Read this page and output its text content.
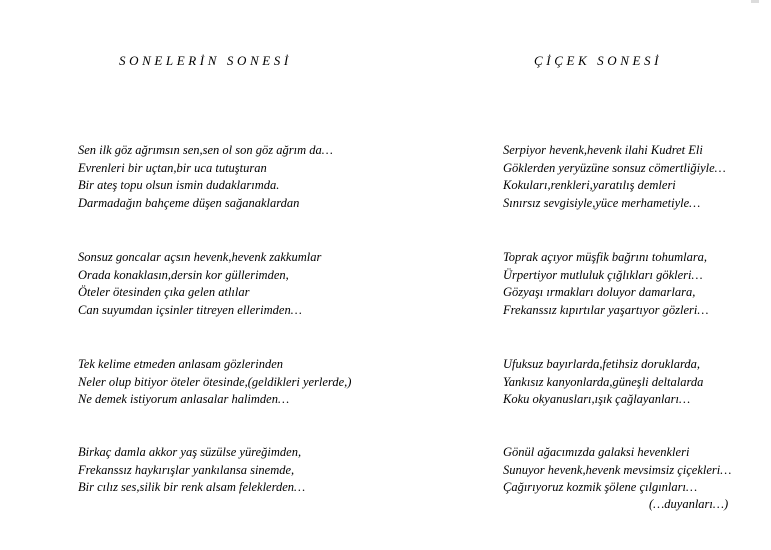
SONELERİN SONESİ
Sen ilk göz ağrımsın sen,sen ol son göz ağrım da…
Evrenleri bir uçtan,bir uca tutuşturan
Bir ateş topu olsun ismin dudaklarımda.
Darmadağın bahçeme düşen sağanaklardan
Sonsuz goncalar açsın hevenk,hevenk zakkumlar
Orada konaklasın,dersin kor güllerimden,
Öteler ötesinden çıka gelen atlılar
Can suyumdan içsinler titreyen ellerimden…
Tek kelime etmeden anlasam gözlerinden
Neler olup bitiyor öteler ötesinde,(geldikleri yerlerde,)
Ne demek istiyorum anlasalar halimden…
Birkaç damla akkor yaş süzülse yüreğimden,
Frekanssız haykırışlar yankılansa sinemde,
Bir cılız ses,silik bir renk alsam feleklerden…
ÇİÇEK SONESİ
Serpiyor hevenk,hevenk ilahi Kudret Eli
Göklerden yeryüzüne sonsuz cömertliğiyle…
Kokuları,renkleri,yaratılış demleri
Sınırsız sevgisiyle,yüce merhametiyle…
Toprak açıyor müşfik bağrını tohumlara,
Ürpertiyor mutluluk çığlıkları gökleri…
Gözyaşı ırmakları doluyor damarlara,
Frekanssız kıpırtılar yaşartıyor gözleri…
Ufuksuz bayırlarda,fetihsiz doruklarda,
Yankısız kanyonlarda,güneşli deltalarda
Koku okyanusları,ışık çağlayanları…
Gönül ağacımızda galaksi hevenkleri
Sunuyor hevenk,hevenk mevsimsiz çiçekleri…
Çağırıyoruz kozmik şölene çılgınları…
(…duyanları…)
